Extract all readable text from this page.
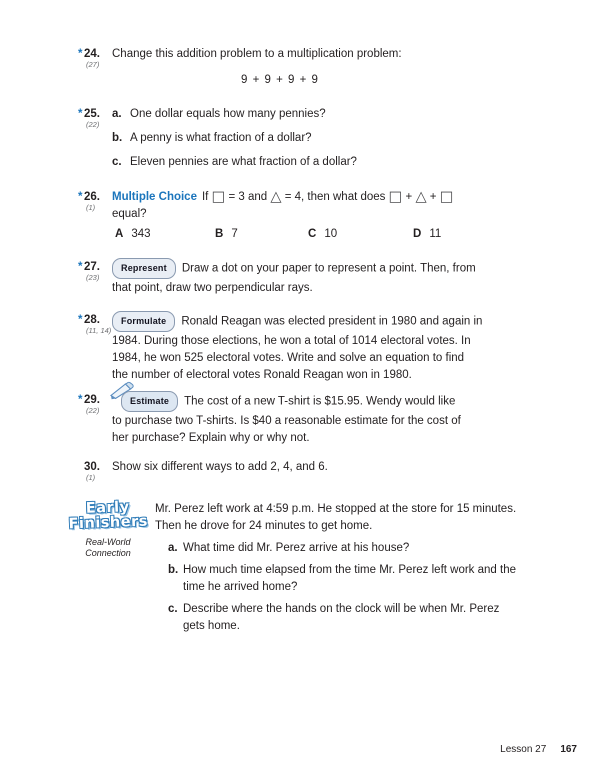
* 24.
(27)
Change this addition problem to a multiplication problem:
9 + 9 + 9 + 9
* 25.
(22)
a. One dollar equals how many pennies?
b. A penny is what fraction of a dollar?
c. Eleven pennies are what fraction of a dollar?
* 26.
(1)
Multiple Choice If □ = 3 and △ = 4, then what does □ + △ + □
equal?
A 343	B 7	C 10	D 11
* 27.
(23)
Represent Draw a dot on your paper to represent a point. Then, from
that point, draw two perpendicular rays.
* 28.
(11, 14)
Formulate Ronald Reagan was elected president in 1980 and again in
1984. During those elections, he won a total of 1014 electoral votes. In
1984, he won 525 electoral votes. Write and solve an equation to find
the number of electoral votes Ronald Reagan won in 1980.
* 29.
(22)
Estimate The cost of a new T-shirt is $15.95. Wendy would like
to purchase two T-shirts. Is $40 a reasonable estimate for the cost of
her purchase? Explain why or why not.
30.
(1)
Show six different ways to add 2, 4, and 6.
Early
Finishers
Real-World
Connection
Mr. Perez left work at 4:59 p.m. He stopped at the store for 15 minutes.
Then he drove for 24 minutes to get home.
a. What time did Mr. Perez arrive at his house?
b. How much time elapsed from the time Mr. Perez left work and the
time he arrived home?
c. Describe where the hands on the clock will be when Mr. Perez
gets home.
Lesson 27 167
